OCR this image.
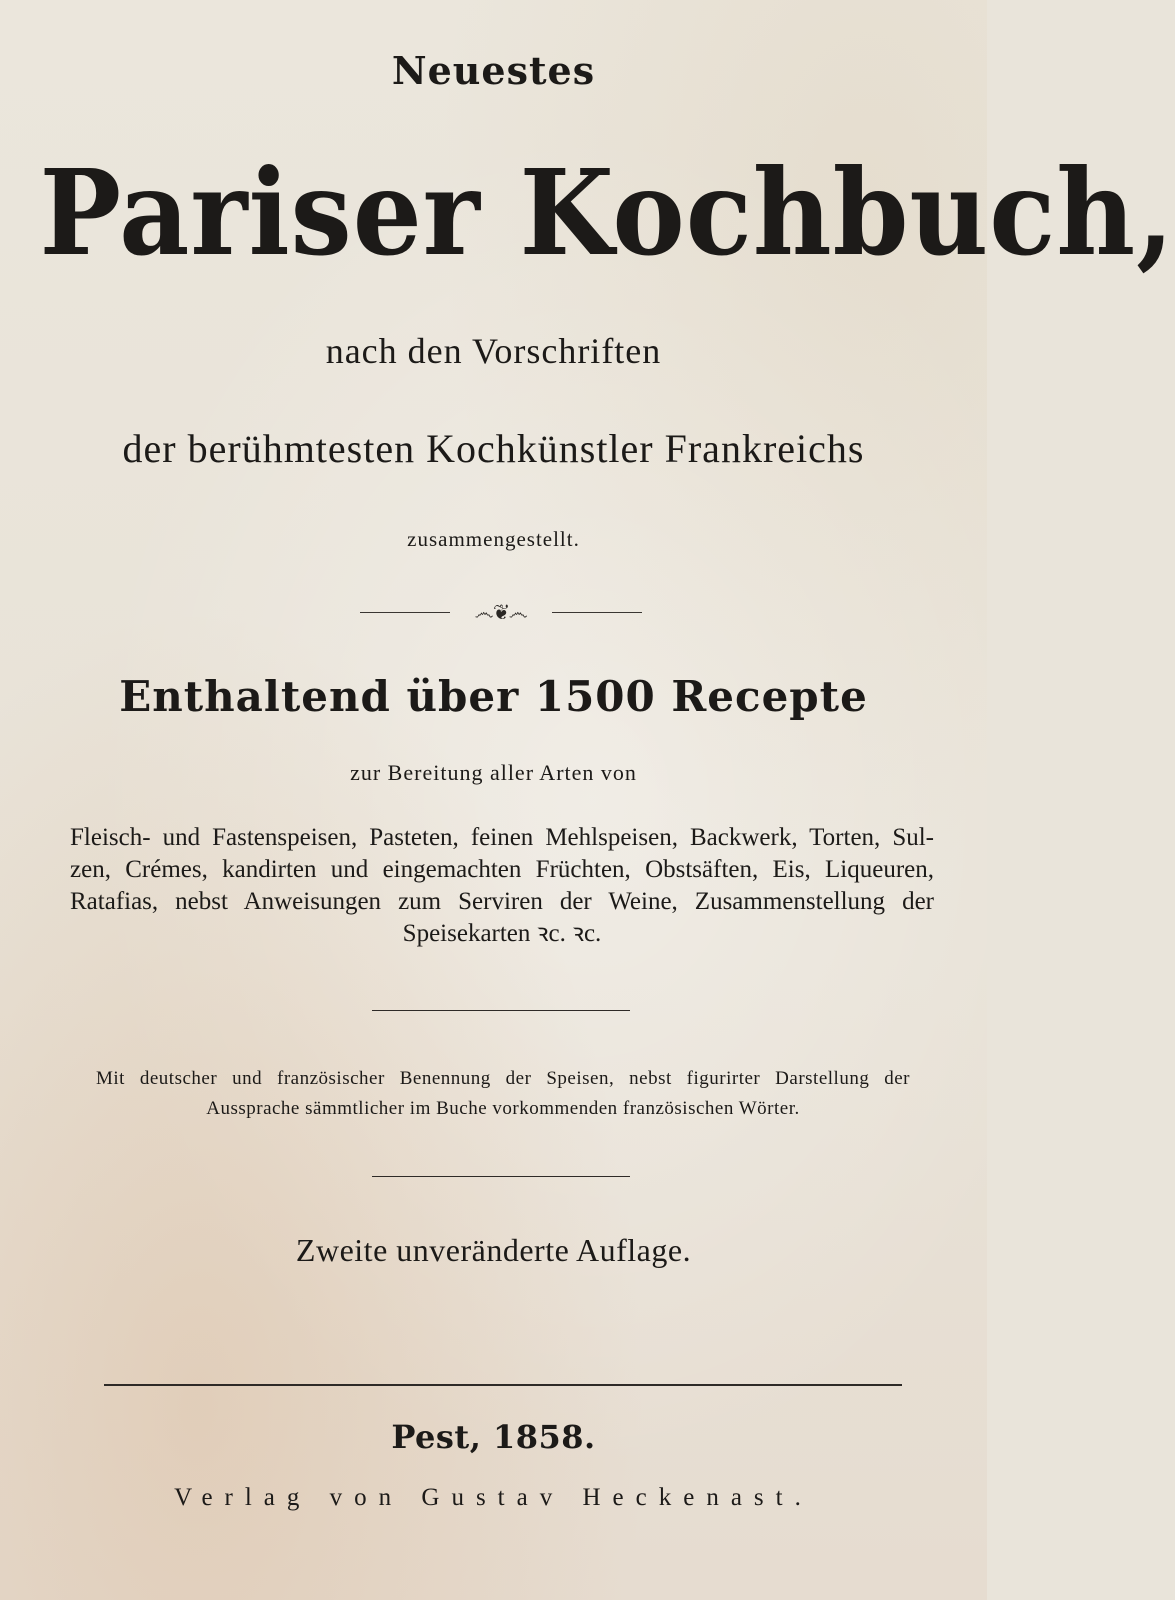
Neuestes
Pariser Kochbuch,
nach den Vorschriften
der berühmtesten Kochkünstler Frankreichs
zusammengestellt.
෴❦෴
Enthaltend über 1500 Recepte
zur Bereitung aller Arten von
Fleisch- und Fastenspeisen, Pasteten, feinen Mehlspeisen, Backwerk, Torten, Sul-
zen, Crémes, kandirten und eingemachten Früchten, Obstsäften, Eis, Liqueuren,
Ratafias, nebst Anweisungen zum Serviren der Weine, Zusammenstellung der
Speisekarten ꝛc. ꝛc.
Mit deutscher und französischer Benennung der Speisen, nebst figurirter Darstellung der
Aussprache sämmtlicher im Buche vorkommenden französischen Wörter.
Zweite unveränderte Auflage.
Pest, 1858.
Verlag von Gustav Heckenast.
